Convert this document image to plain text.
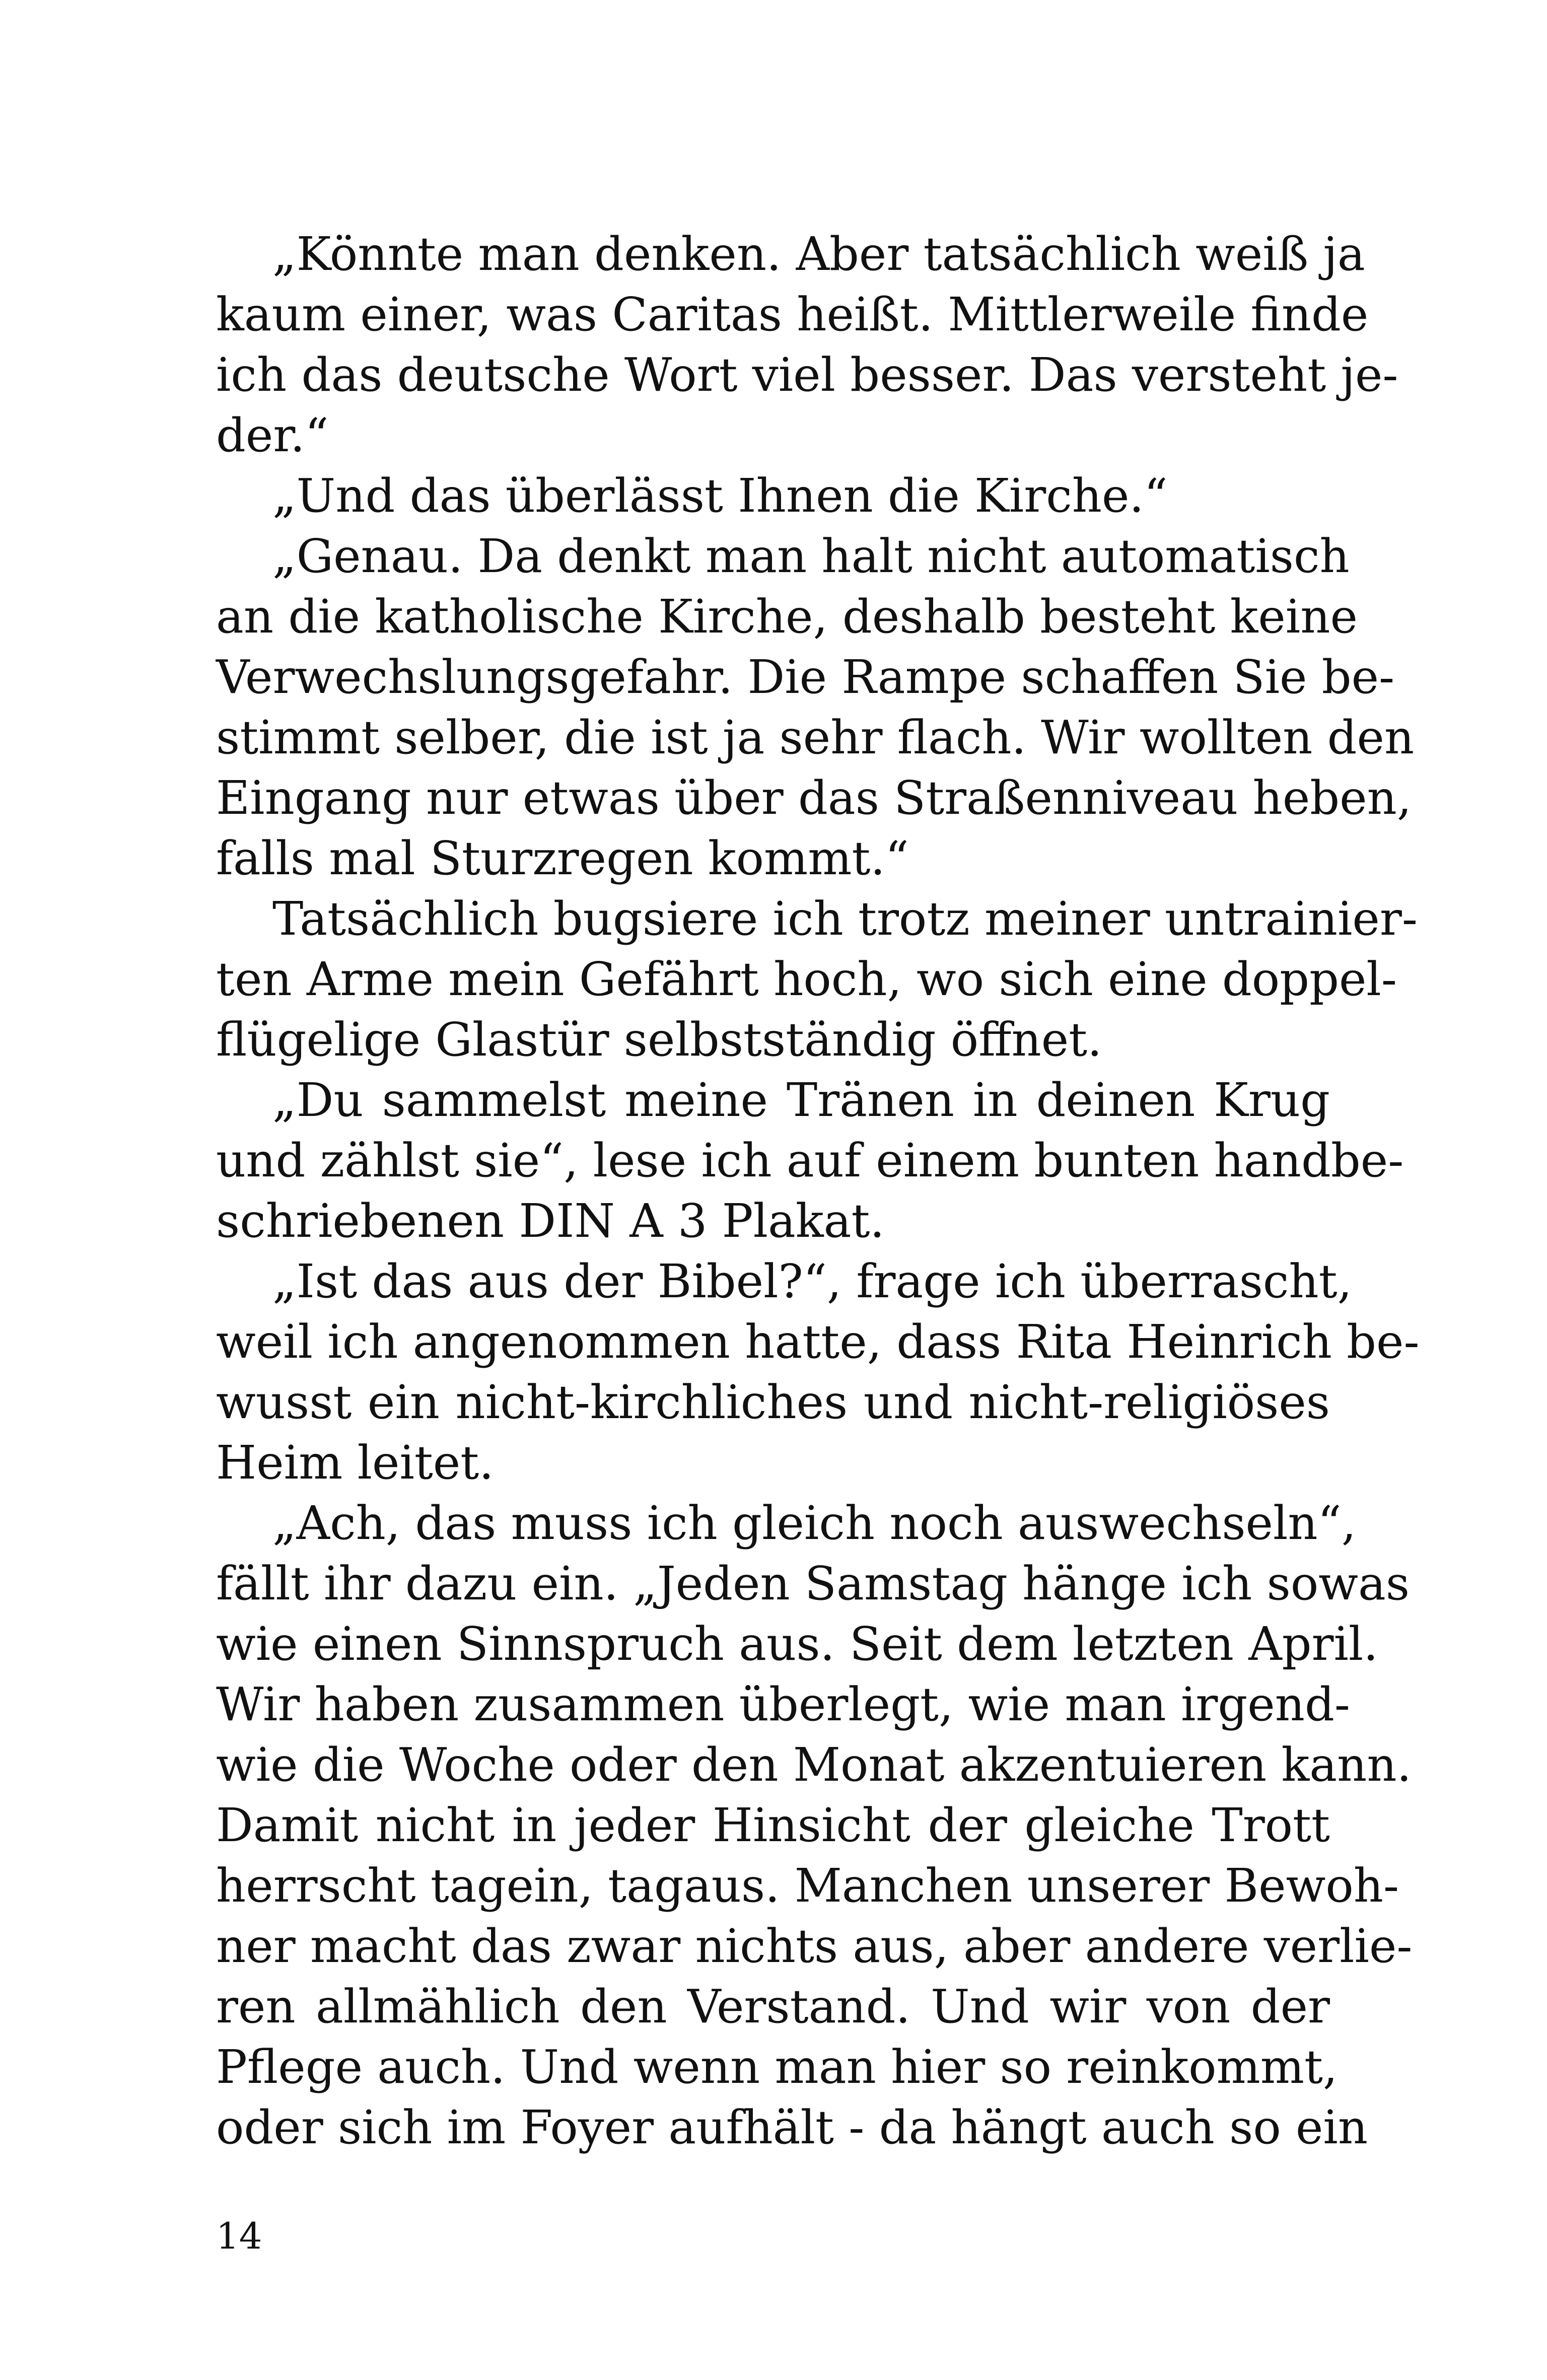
„Könnte man denken. Aber tatsächlich weiß ja
kaum einer, was Caritas heißt. Mittlerweile finde
ich das deutsche Wort viel besser. Das versteht je-
der.“
„Und das überlässt Ihnen die Kirche.“
„Genau. Da denkt man halt nicht automatisch
an die katholische Kirche, deshalb besteht keine
Verwechslungsgefahr. Die Rampe schaffen Sie be-
stimmt selber, die ist ja sehr flach. Wir wollten den
Eingang nur etwas über das Straßenniveau heben,
falls mal Sturzregen kommt.“
Tatsächlich bugsiere ich trotz meiner untrainier-
ten Arme mein Gefährt hoch, wo sich eine doppel-
flügelige Glastür selbstständig öffnet.
„Du sammelst meine Tränen in deinen Krug
und zählst sie“, lese ich auf einem bunten handbe-
schriebenen DIN A 3 Plakat.
„Ist das aus der Bibel?“, frage ich überrascht,
weil ich angenommen hatte, dass Rita Heinrich be-
wusst ein nicht-kirchliches und nicht-religiöses
Heim leitet.
„Ach, das muss ich gleich noch auswechseln“,
fällt ihr dazu ein. „Jeden Samstag hänge ich sowas
wie einen Sinnspruch aus. Seit dem letzten April.
Wir haben zusammen überlegt, wie man irgend-
wie die Woche oder den Monat akzentuieren kann.
Damit nicht in jeder Hinsicht der gleiche Trott
herrscht tagein, tagaus. Manchen unserer Bewoh-
ner macht das zwar nichts aus, aber andere verlie-
ren allmählich den Verstand. Und wir von der
Pflege auch. Und wenn man hier so reinkommt,
oder sich im Foyer aufhält - da hängt auch so ein
14
